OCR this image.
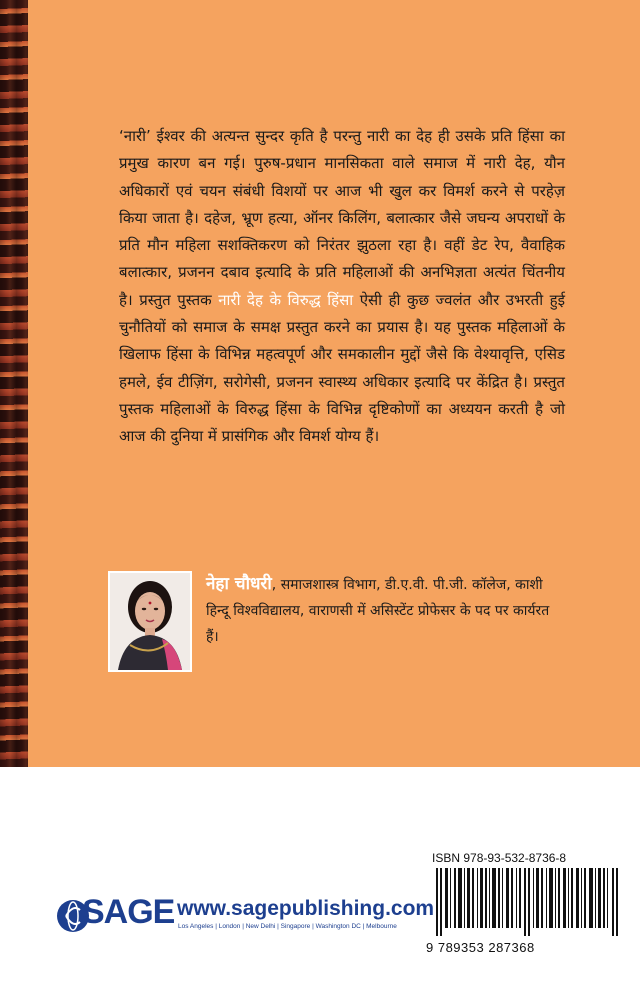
‘नारी’ ईश्वर की अत्यन्त सुन्दर कृति है परन्तु नारी का देह ही उसके प्रति हिंसा का प्रमुख कारण बन गई। पुरुष-प्रधान मानसिकता वाले समाज में नारी देह, यौन अधिकारों एवं चयन संबंधी विशयों पर आज भी खुल कर विमर्श करने से परहेज़ किया जाता है। दहेज, भ्रूण हत्या, ऑनर किलिंग, बलात्कार जैसे जघन्य अपराधों के प्रति मौन महिला सशक्तिकरण को निरंतर झुठला रहा है। वहीं डेट रेप, वैवाहिक बलात्कार, प्रजनन दबाव इत्यादि के प्रति महिलाओं की अनभिज्ञता अत्यंत चिंतनीय है। प्रस्तुत पुस्तक नारी देह के विरुद्ध हिंसा ऐसी ही कुछ ज्वलंत और उभरती हुई चुनौतियों को समाज के समक्ष प्रस्तुत करने का प्रयास है। यह पुस्तक महिलाओं के खिलाफ हिंसा के विभिन्न महत्वपूर्ण और समकालीन मुद्दों जैसे कि वेश्यावृत्ति, एसिड हमले, ईव टीज़िंग, सरोगेसी, प्रजनन स्वास्थ्य अधिकार इत्यादि पर केंद्रित है। प्रस्तुत पुस्तक महिलाओं के विरुद्ध हिंसा के विभिन्न दृष्टिकोणों का अध्ययन करती है जो आज की दुनिया में प्रासंगिक और विमर्श योग्य हैं।
नेहा चौधरी, समाजशास्त्र विभाग, डी.ए.वी. पी.जी. कॉलेज, काशी हिन्दू विश्वविद्यालय, वाराणसी में असिस्टेंट प्रोफेसर के पद पर कार्यरत हैं।
ISBN 978-93-532-8736-8
9 789353 287368
SAGE www.sagepublishing.com
Los Angeles | London | New Delhi | Singapore | Washington DC | Melbourne
